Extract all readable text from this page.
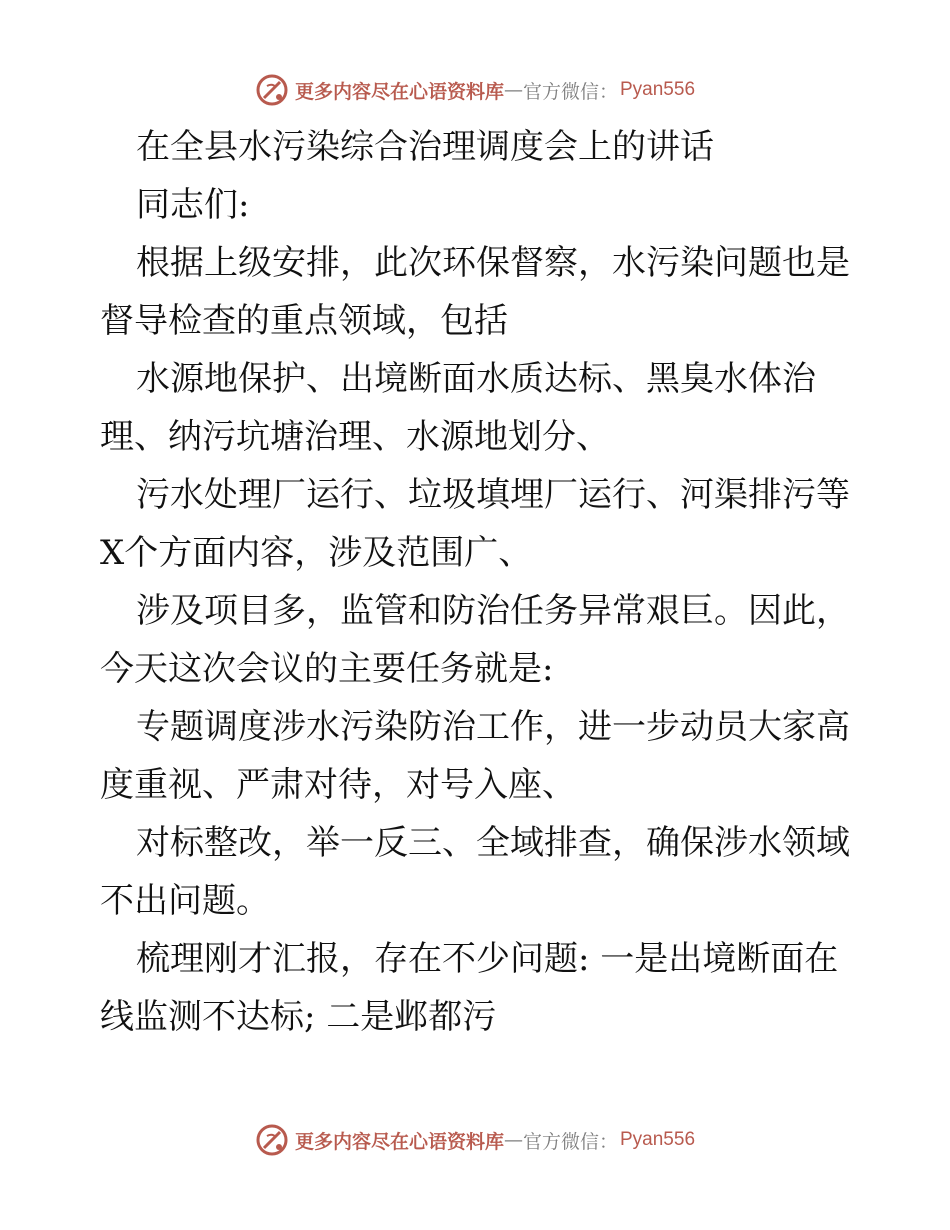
更多内容尽在心语资料库 — 官方微信： Pyan556
在全县水污染综合治理调度会上的讲话
同志们:
根据上级安排，此次环保督察，水污染问题也是
督导检查的重点领域，包括
水源地保护、出境断面水质达标、黑臭水体治
理、纳污坑塘治理、水源地划分、
污水处理厂运行、垃圾填埋厂运行、河渠排污等
X个方面内容，涉及范围广、
涉及项目多，监管和防治任务异常艰巨。因此，
今天这次会议的主要任务就是:
专题调度涉水污染防治工作，进一步动员大家高
度重视、严肃对待，对号入座、
对标整改，举一反三、全域排查，确保涉水领域
不出问题。
梳理刚才汇报，存在不少问题: 一是出境断面在
线监测不达标; 二是邺都污
更多内容尽在心语资料库 — 官方微信： Pyan556
